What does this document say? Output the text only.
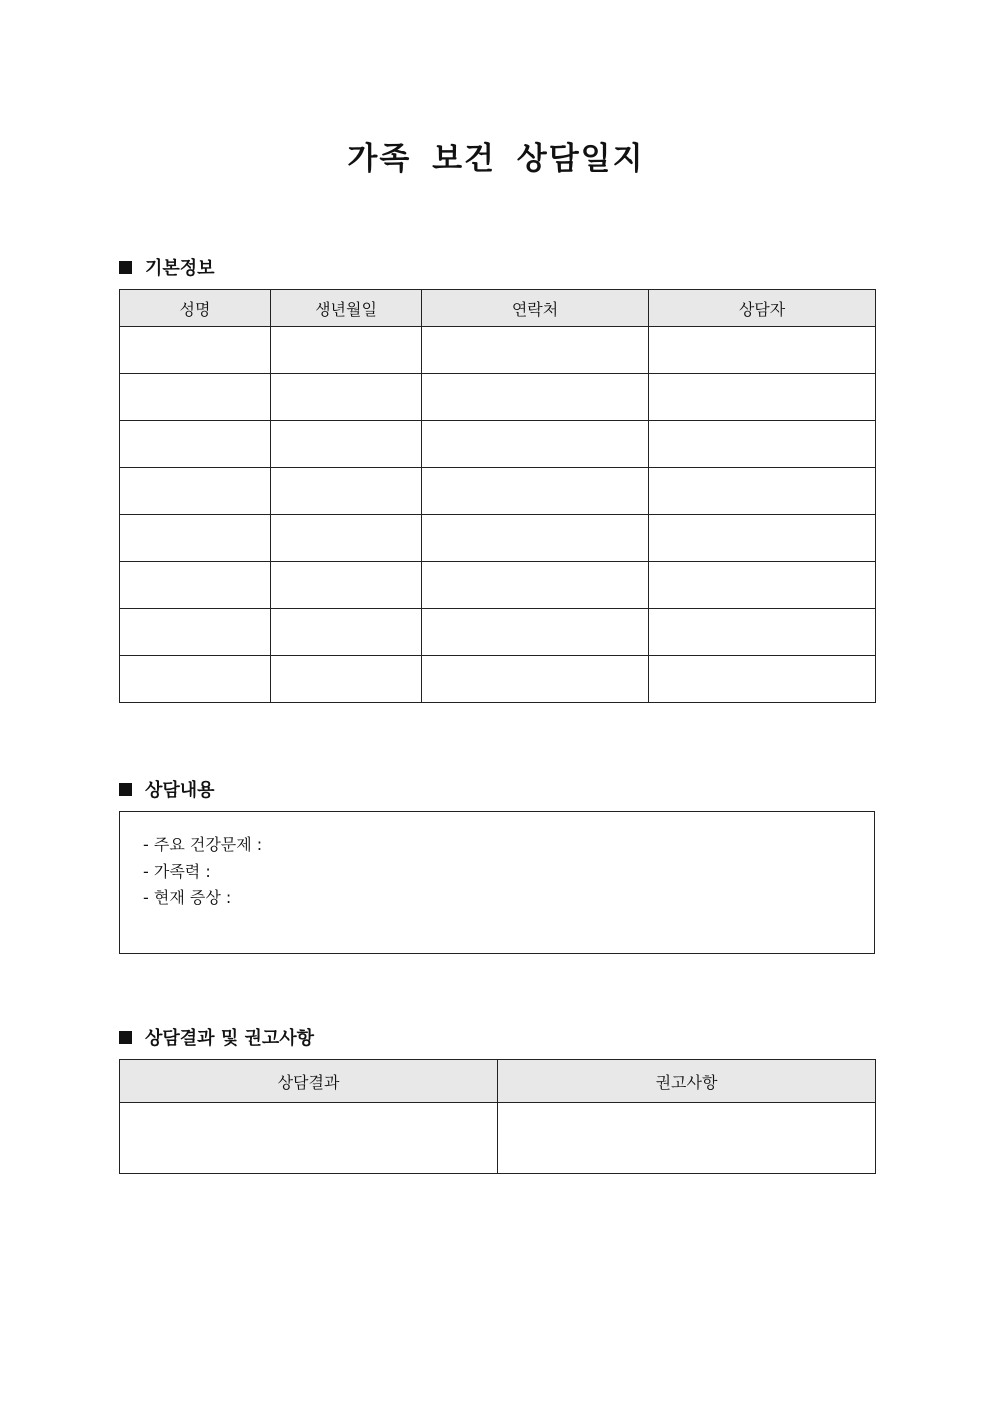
가족 보건 상담일지
기본정보
성명	생년월일	연락처	상담자

상담내용
- 주요 건강문제 :
- 가족력 :
- 현재 증상 :
상담결과 및 권고사항
상담결과	권고사항
